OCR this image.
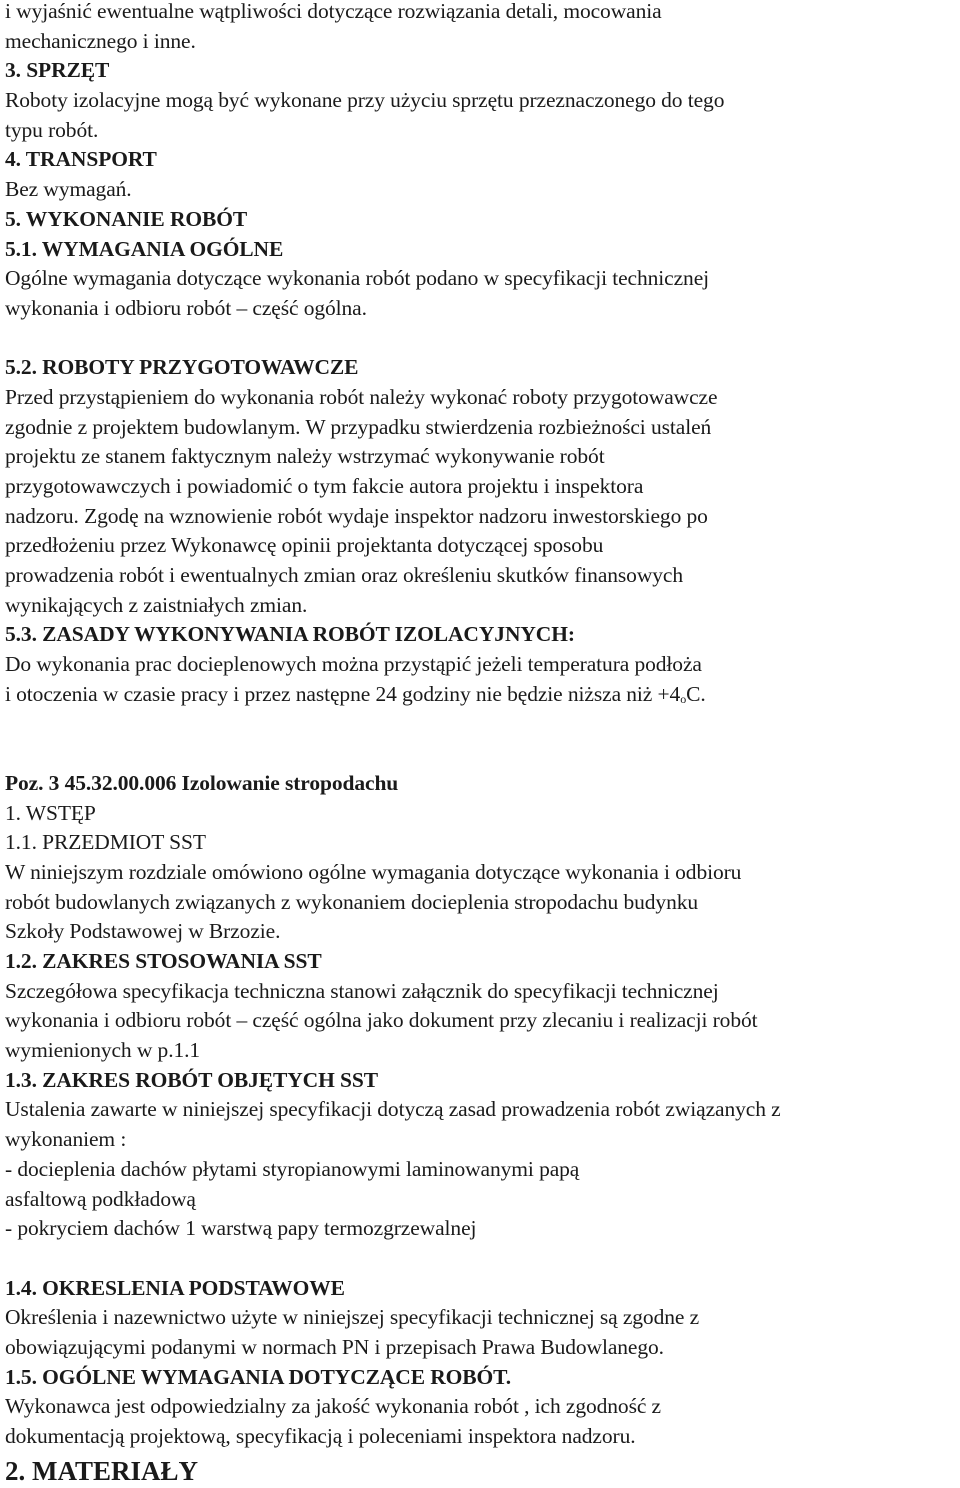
i wyjaśnić ewentualne wątpliwości dotyczące rozwiązania detali, mocowania
mechanicznego i inne.
3. SPRZĘT
Roboty izolacyjne mogą być wykonane przy użyciu sprzętu przeznaczonego do tego
typu robót.
4. TRANSPORT
Bez wymagań.
5. WYKONANIE ROBÓT
5.1. WYMAGANIA OGÓLNE
Ogólne wymagania dotyczące wykonania robót podano w specyfikacji technicznej
wykonania i odbioru robót – część ogólna.
5.2. ROBOTY PRZYGOTOWAWCZE
Przed przystąpieniem do wykonania robót należy wykonać roboty przygotowawcze
zgodnie z projektem budowlanym. W przypadku stwierdzenia rozbieżności ustaleń
projektu ze stanem faktycznym należy wstrzymać wykonywanie robót
przygotowawczych i powiadomić o tym fakcie autora projektu i inspektora
nadzoru. Zgodę na wznowienie robót wydaje inspektor nadzoru inwestorskiego po
przedłożeniu przez Wykonawcę opinii projektanta dotyczącej sposobu
prowadzenia robót i ewentualnych zmian oraz określeniu skutków finansowych
wynikających z zaistniałych zmian.
5.3. ZASADY WYKONYWANIA ROBÓT IZOLACYJNYCH:
Do wykonania prac docieplenowych można przystąpić jeżeli temperatura podłoża
i otoczenia w czasie pracy i przez następne 24 godziny nie będzie niższa niż $+4_oC$.
Poz. 3 45.32.00.006 Izolowanie stropodachu
1. WSTĘP
1.1. PRZEDMIOT SST
W niniejszym rozdziale omówiono ogólne wymagania dotyczące wykonania i odbioru
robót budowlanych związanych z wykonaniem docieplenia stropodachu budynku
Szkoły Podstawowej w Brzozie.
1.2. ZAKRES STOSOWANIA SST
Szczegółowa specyfikacja techniczna stanowi załącznik do specyfikacji technicznej
wykonania i odbioru robót – część ogólna jako dokument przy zlecaniu i realizacji robót
wymienionych w p.1.1
1.3. ZAKRES ROBÓT OBJĘTYCH SST
Ustalenia zawarte w niniejszej specyfikacji dotyczą zasad prowadzenia robót związanych z
wykonaniem :
- docieplenia dachów płytami styropianowymi laminowanymi papą
asfaltową podkładową
- pokryciem dachów 1 warstwą papy termozgrzewalnej
1.4. OKRESLENIA PODSTAWOWE
Określenia i nazewnictwo użyte w niniejszej specyfikacji technicznej są zgodne z
obowiązującymi podanymi w normach PN i przepisach Prawa Budowlanego.
1.5. OGÓLNE WYMAGANIA DOTYCZĄCE ROBÓT.
Wykonawca jest odpowiedzialny za jakość wykonania robót , ich zgodność z
dokumentacją projektową, specyfikacją i poleceniami inspektora nadzoru.
2. MATERIAŁY
